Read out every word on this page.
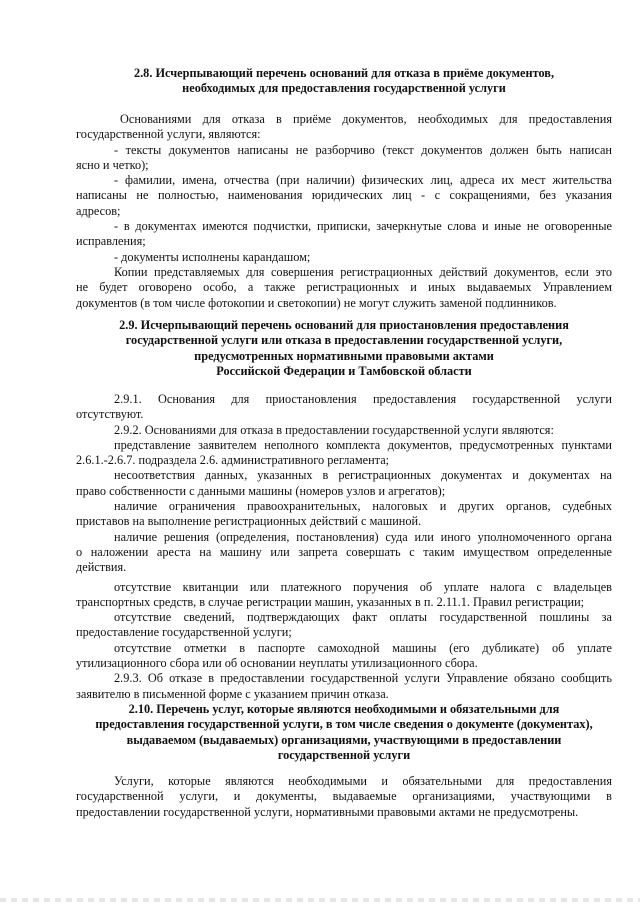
2.8. Исчерпывающий перечень оснований для отказа в приёме документов,
необходимых для предоставления государственной услуги
Основаниями для отказа в приёме документов, необходимых для предоставления
государственной услуги, являются:
- тексты документов написаны не разборчиво (текст документов должен быть написан
ясно и четко);
- фамилии, имена, отчества (при наличии) физических лиц, адреса их мест жительства
написаны не полностью, наименования юридических лиц - с сокращениями, без указания
адресов;
- в документах имеются подчистки, приписки, зачеркнутые слова и иные не оговоренные
исправления;
- документы исполнены карандашом;
Копии представляемых для совершения регистрационных действий документов, если это
не будет оговорено особо, а также регистрационных и иных выдаваемых Управлением
документов (в том числе фотокопии и светокопии) не могут служить заменой подлинников.
2.9. Исчерпывающий перечень оснований для приостановления предоставления
государственной услуги или отказа в предоставлении государственной услуги,
предусмотренных нормативными правовыми актами
Российской Федерации и Тамбовской области
2.9.1. Основания для приостановления предоставления государственной услуги
отсутствуют.
2.9.2. Основаниями для отказа в предоставлении государственной услуги являются:
представление заявителем неполного комплекта документов, предусмотренных пунктами
2.6.1.-2.6.7. подраздела 2.6. административного регламента;
несоответствия данных, указанных в регистрационных документах и документах на
право собственности с данными машины (номеров узлов и агрегатов);
наличие ограничения правоохранительных, налоговых и других органов, судебных
приставов на выполнение регистрационных действий с машиной.
наличие решения (определения, постановления) суда или иного уполномоченного органа
о наложении ареста на машину или запрета совершать с таким имуществом определенные
действия.
отсутствие квитанции или платежного поручения об уплате налога с владельцев
транспортных средств, в случае регистрации машин, указанных в п. 2.11.1. Правил регистрации;
отсутствие сведений, подтверждающих факт оплаты государственной пошлины за
предоставление государственной услуги;
отсутствие отметки в паспорте самоходной машины (его дубликате) об уплате
утилизационного сбора или об основании неуплаты утилизационного сбора.
2.9.3. Об отказе в предоставлении государственной услуги Управление обязано сообщить
заявителю в письменной форме с указанием причин отказа.
2.10. Перечень услуг, которые являются необходимыми и обязательными для
предоставления государственной услуги, в том числе сведения о документе (документах),
выдаваемом (выдаваемых) организациями, участвующими в предоставлении
государственной услуги
Услуги, которые являются необходимыми и обязательными для предоставления
государственной услуги, и документы, выдаваемые организациями, участвующими в
предоставлении государственной услуги, нормативными правовыми актами не предусмотрены.
